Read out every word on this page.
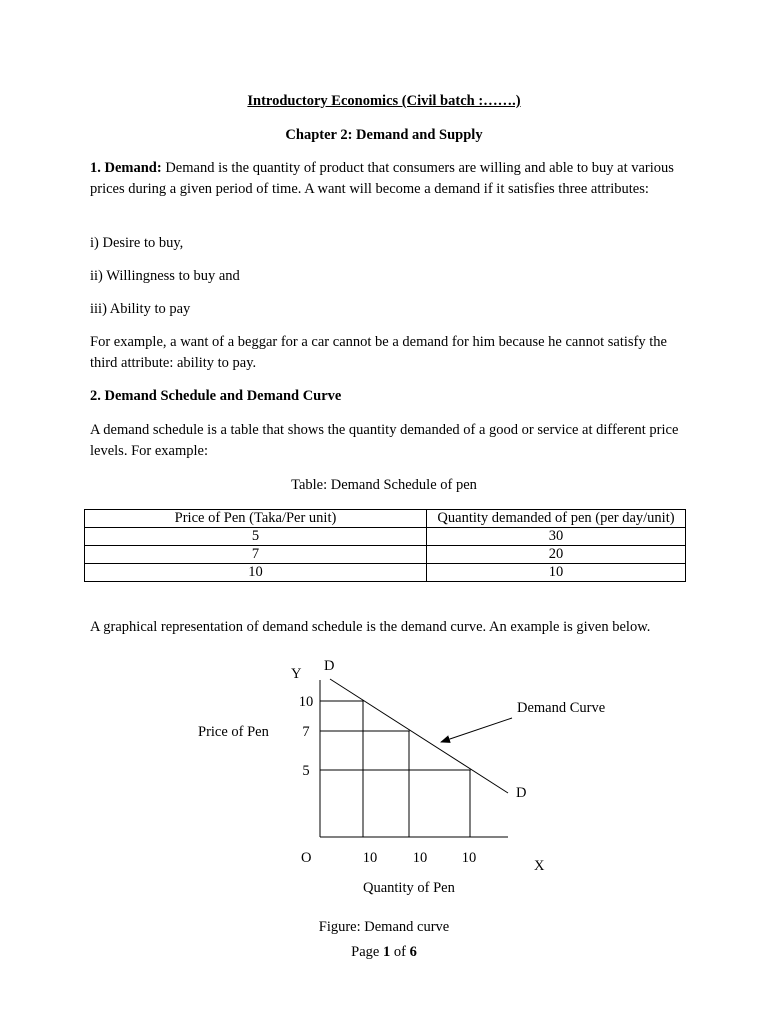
Introductory Economics (Civil batch :…….)
Chapter 2: Demand and Supply
1. Demand: Demand is the quantity of product that consumers are willing and able to buy at various prices during a given period of time. A want will become a demand if it satisfies three attributes:
i) Desire to buy,
ii) Willingness to buy and
iii) Ability to pay
For example, a want of a beggar for a car cannot be a demand for him because he cannot satisfy the third attribute: ability to pay.
2. Demand Schedule and Demand Curve
A demand schedule is a table that shows the quantity demanded of a good or service at different price levels. For example:
Table: Demand Schedule of pen
Price of Pen (Taka/Per unit)	Quantity demanded of pen (per day/unit)
5	30
7	20
10	10
A graphical representation of demand schedule is the demand curve. An example is given below.
Y D
D
Demand Curve
Price of Pen
O	X
Quantity of Pen
10
7
5
10 10 10
Figure: Demand curve
Page 1 of 6
